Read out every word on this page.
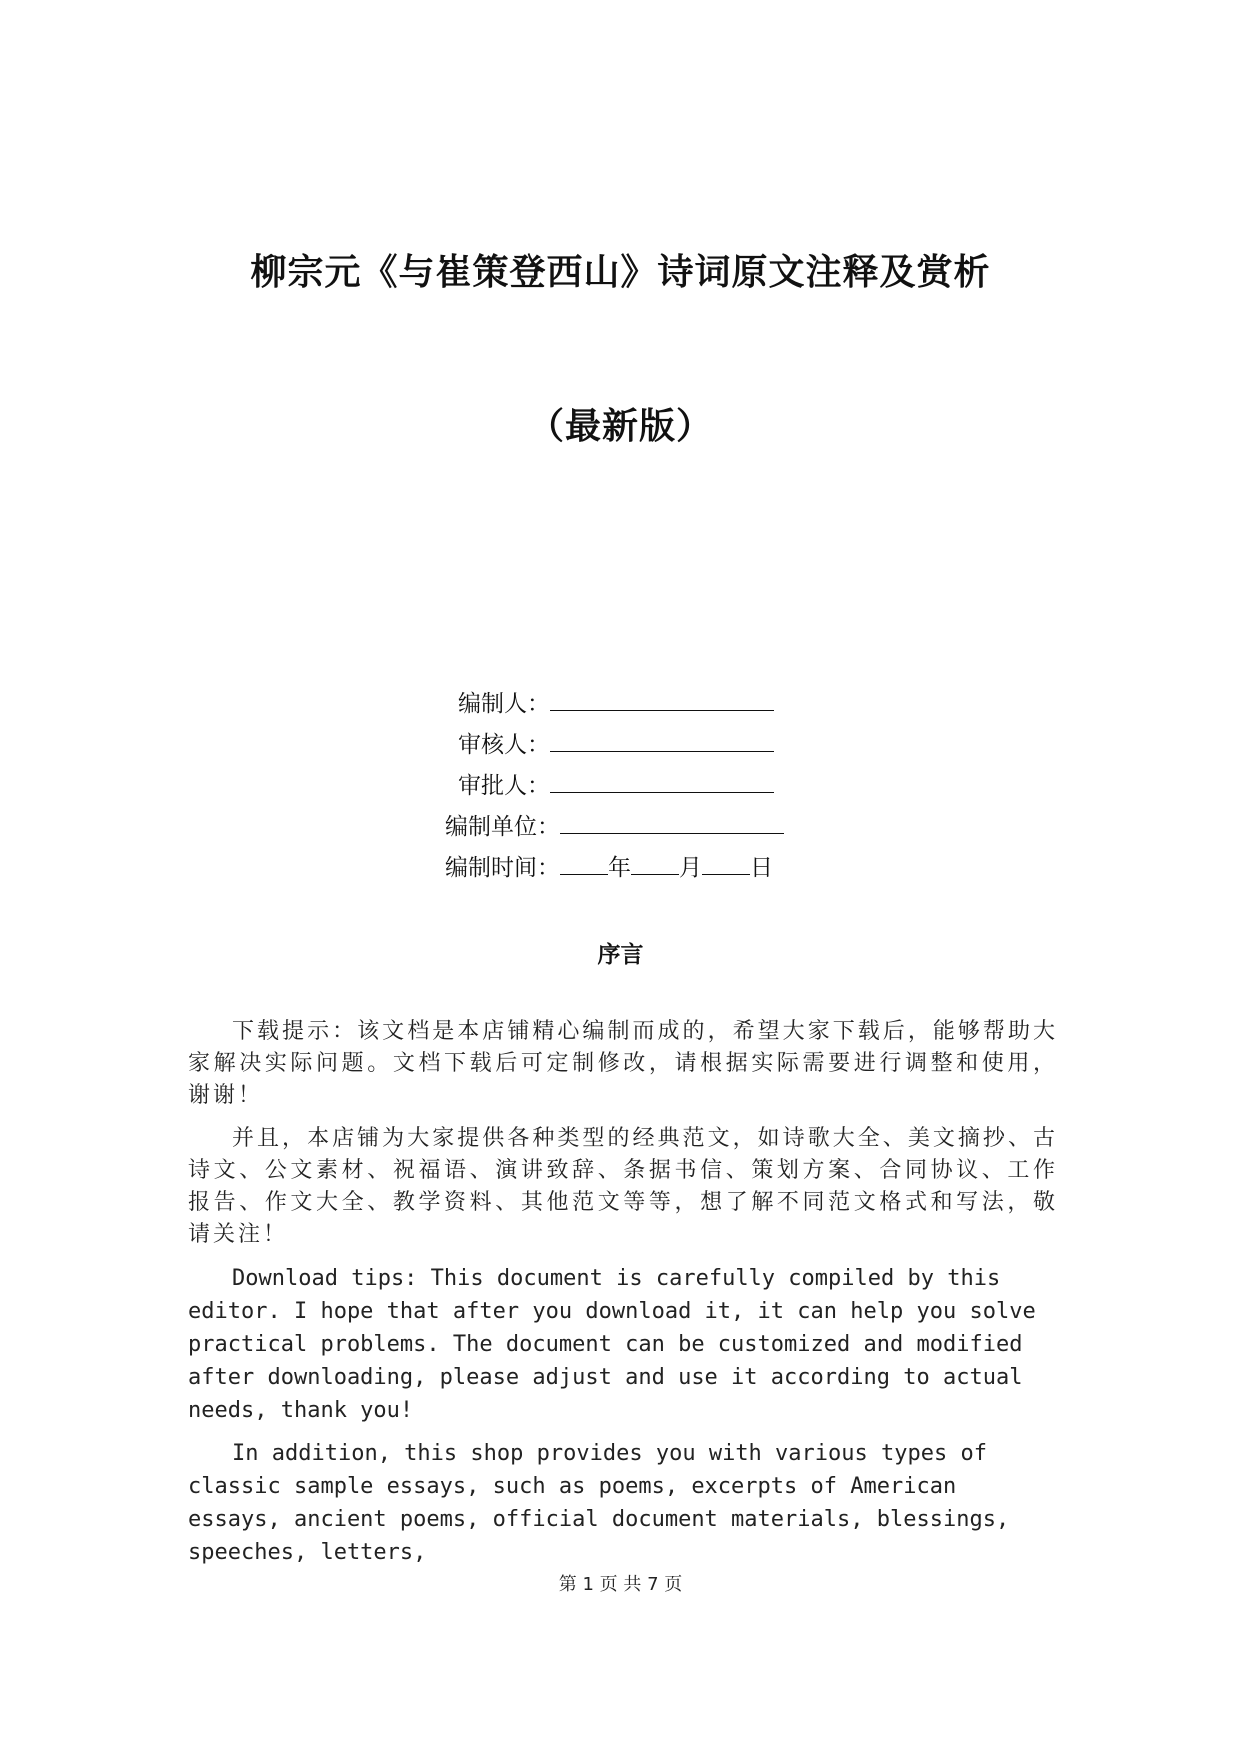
柳宗元《与崔策登西山》诗词原文注释及赏析
（最新版）
编制人：
审核人：
审批人：
编制单位：
编制时间： 年 月 日
序言

下载提示：该文档是本店铺精心编制而成的，希望大家下载后，能够帮助大家解决实际问题。文档下载后可定制修改，请根据实际需要进行调整和使用，谢谢！

并且，本店铺为大家提供各种类型的经典范文，如诗歌大全、美文摘抄、古诗文、公文素材、祝福语、演讲致辞、条据书信、策划方案、合同协议、工作报告、作文大全、教学资料、其他范文等等，想了解不同范文格式和写法，敬请关注！

Download tips: This document is carefully compiled by this editor. I hope that after you download it, it can help you solve practical problems. The document can be customized and modified after downloading, please adjust and use it according to actual needs, thank you!

In addition, this shop provides you with various types of classic sample essays, such as poems, excerpts of American essays, ancient poems, official document materials, blessings, speeches, letters,

第 1 页 共 7 页
